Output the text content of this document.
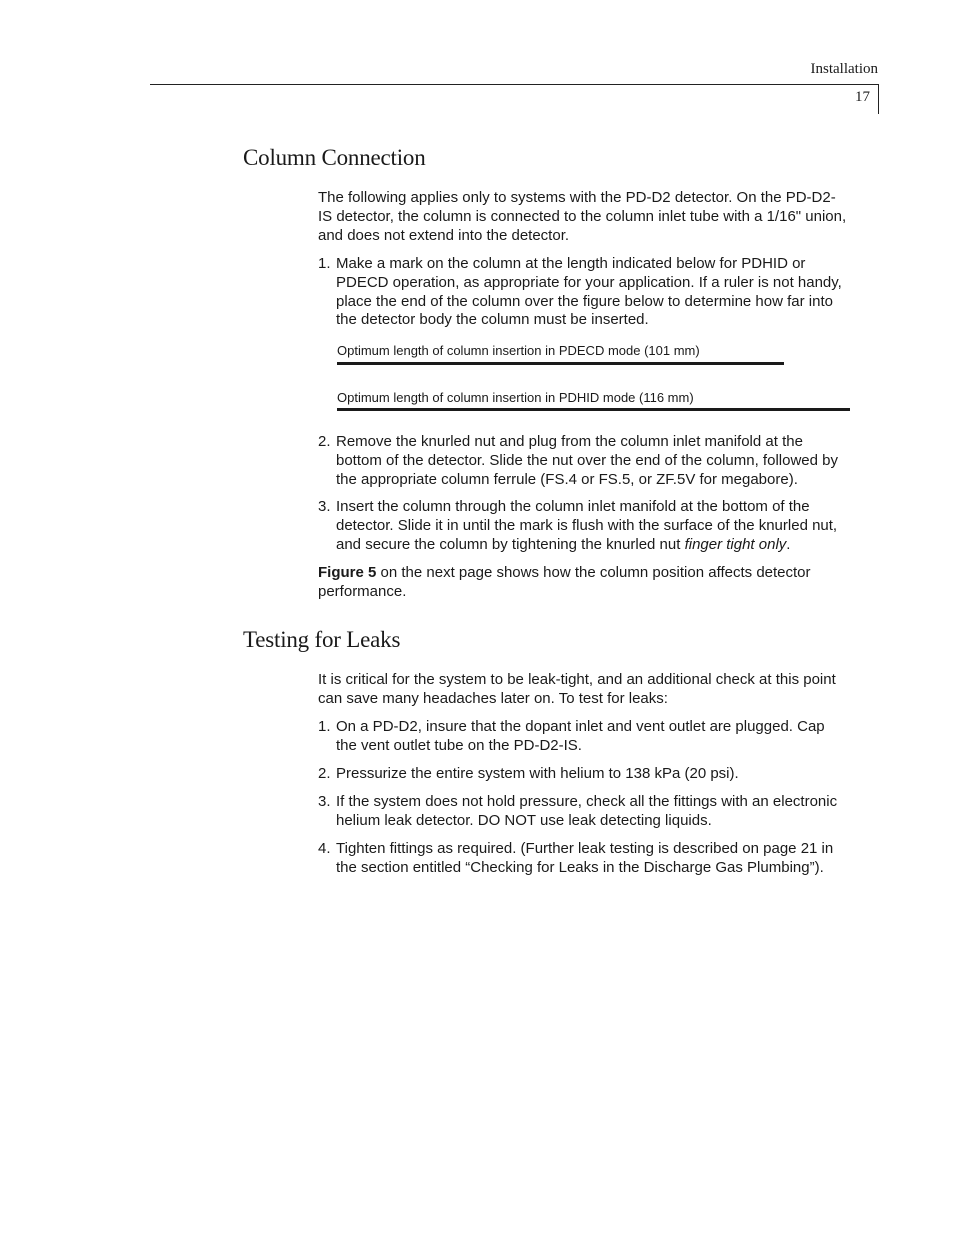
Installation
17
Column Connection

The following applies only to systems with the PD-D2 detector. On the PD-D2-IS detector, the column is connected to the column inlet tube with a 1/16" union, and does not extend into the detector.

1. Make a mark on the column at the length indicated below for PDHID or PDECD operation, as appropriate for your application. If a ruler is not handy, place the end of the column over the figure below to determine how far into the detector body the column must be inserted.
Optimum length of column insertion in PDECD mode (101 mm)
Optimum length of column insertion in PDHID mode (116 mm)
2. Remove the knurled nut and plug from the column inlet manifold at the bottom of the detector. Slide the nut over the end of the column, followed by the appropriate column ferrule (FS.4 or FS.5, or ZF.5V for megabore).
3. Insert the column through the column inlet manifold at the bottom of the detector. Slide it in until the mark is flush with the surface of the knurled nut, and secure the column by tightening the knurled nut finger tight only.

Figure 5 on the next page shows how the column position affects detector performance.

Testing for Leaks

It is critical for the system to be leak-tight, and an additional check at this point can save many headaches later on. To test for leaks:

1. On a PD-D2, insure that the dopant inlet and vent outlet are plugged. Cap the vent outlet tube on the PD-D2-IS.
2. Pressurize the entire system with helium to 138 kPa (20 psi).
3. If the system does not hold pressure, check all the fittings with an electronic helium leak detector. DO NOT use leak detecting liquids.
4. Tighten fittings as required. (Further leak testing is described on page 21 in the section entitled “Checking for Leaks in the Discharge Gas Plumbing”).
